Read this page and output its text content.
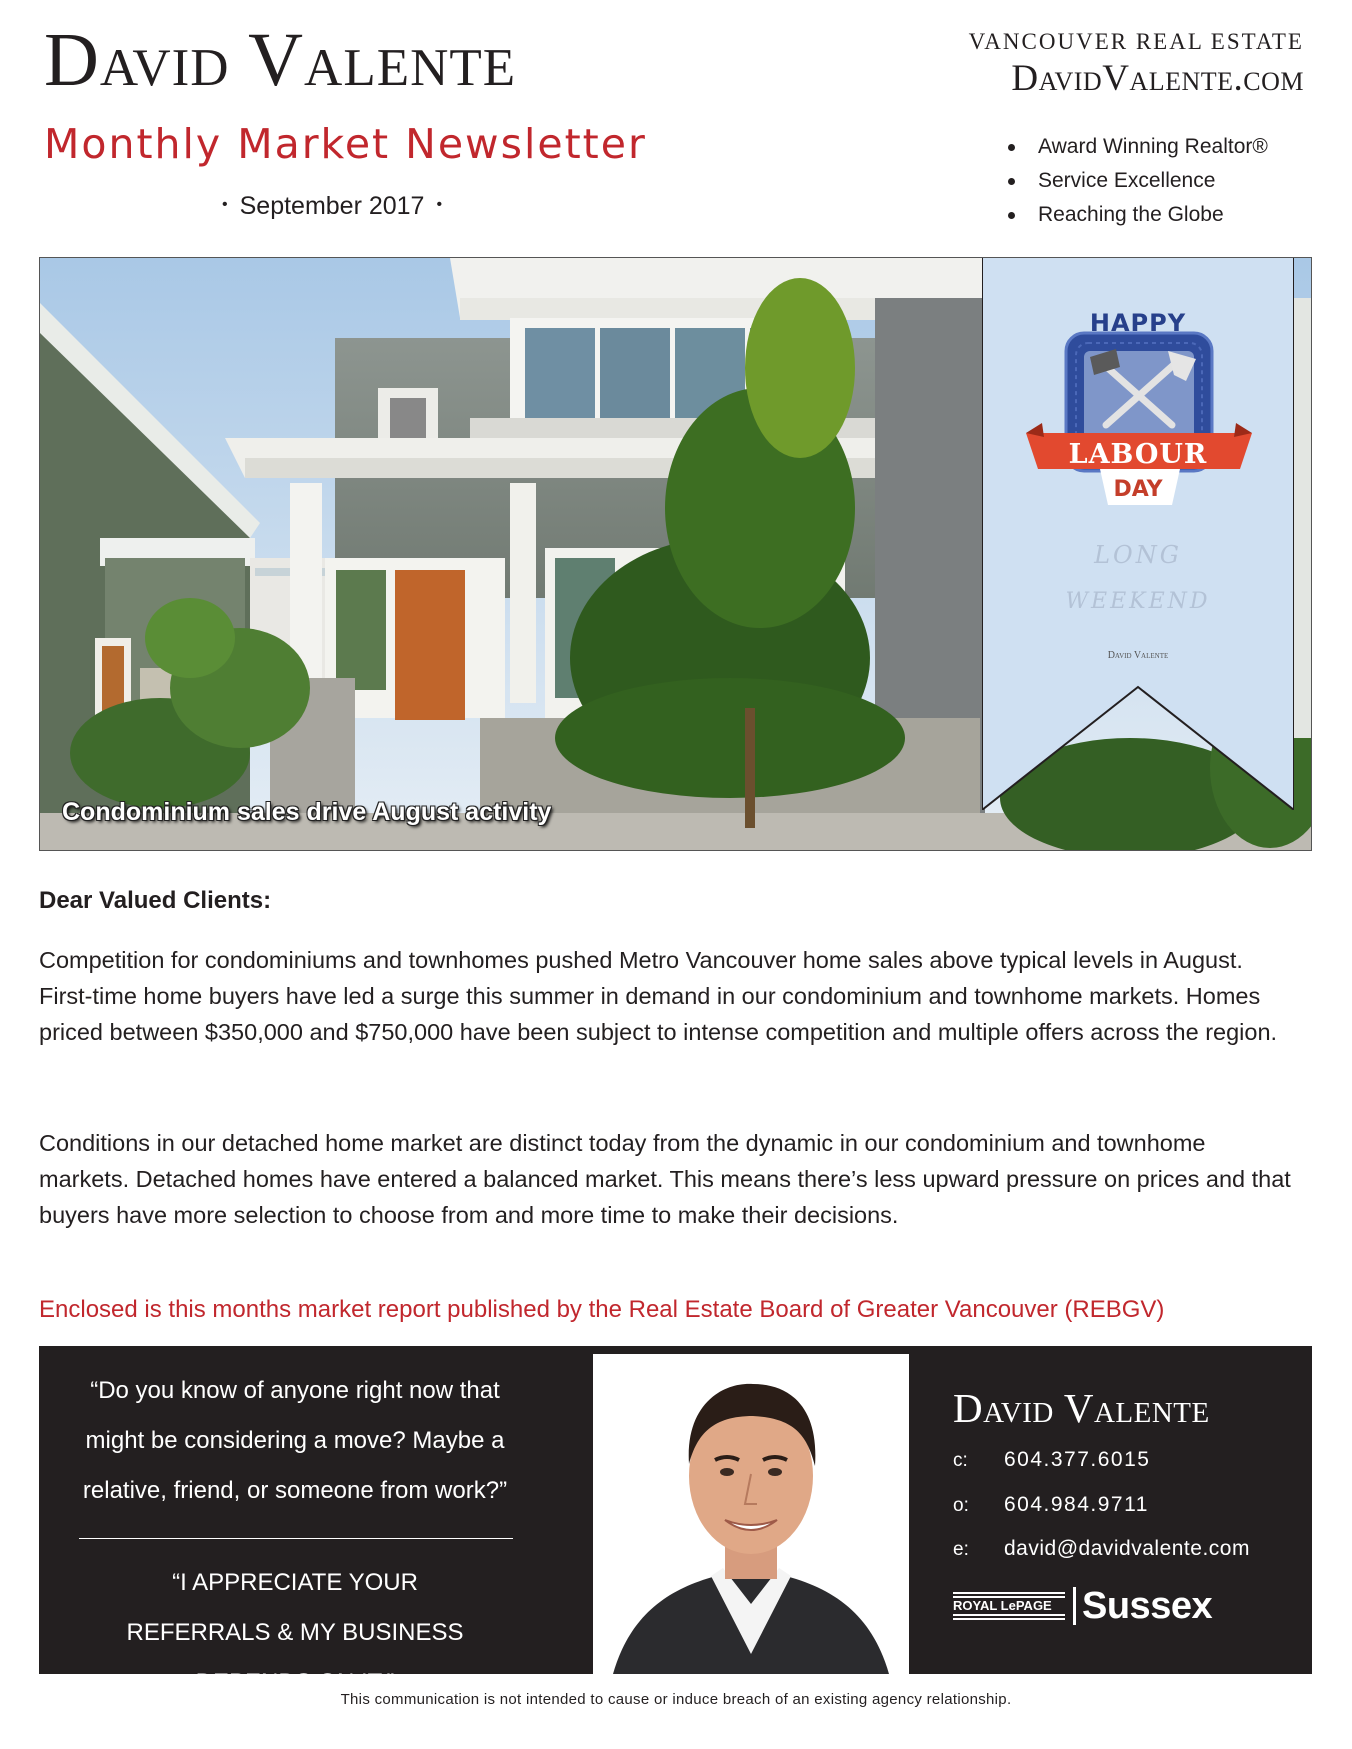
David Valente
Monthly Market Newsletter
• September 2017 •
VANCOUVER REAL ESTATE
DavidValente.com
Award Winning Realtor®
Service Excellence
Reaching the Globe
HAPPY
LABOUR
DAY
LONG
WEEKEND
David Valente
Condominium sales drive August activity
Dear Valued Clients:

Competition for condominiums and townhomes pushed Metro Vancouver home sales above typical levels in August. First-time home buyers have led a surge this summer in demand in our condominium and townhome markets. Homes priced between $350,000 and $750,000 have been subject to intense competition and multiple offers across the region.

Conditions in our detached home market are distinct today from the dynamic in our condominium and townhome markets. Detached homes have entered a balanced market. This means there’s less upward pressure on prices and that buyers have more selection to choose from and more time to make their decisions.

Enclosed is this months market report published by the Real Estate Board of Greater Vancouver (REBGV)
“Do you know of anyone right now that might be considering a move? Maybe a relative, friend, or someone from work?”
“I APPRECIATE YOUR REFERRALS & MY BUSINESS DEPENDS ON IT.”
David Valente
c: 604.377.6015
o: 604.984.9711
e: david@davidvalente.com
ROYAL LePAGE Sussex
This communication is not intended to cause or induce breach of an existing agency relationship.
